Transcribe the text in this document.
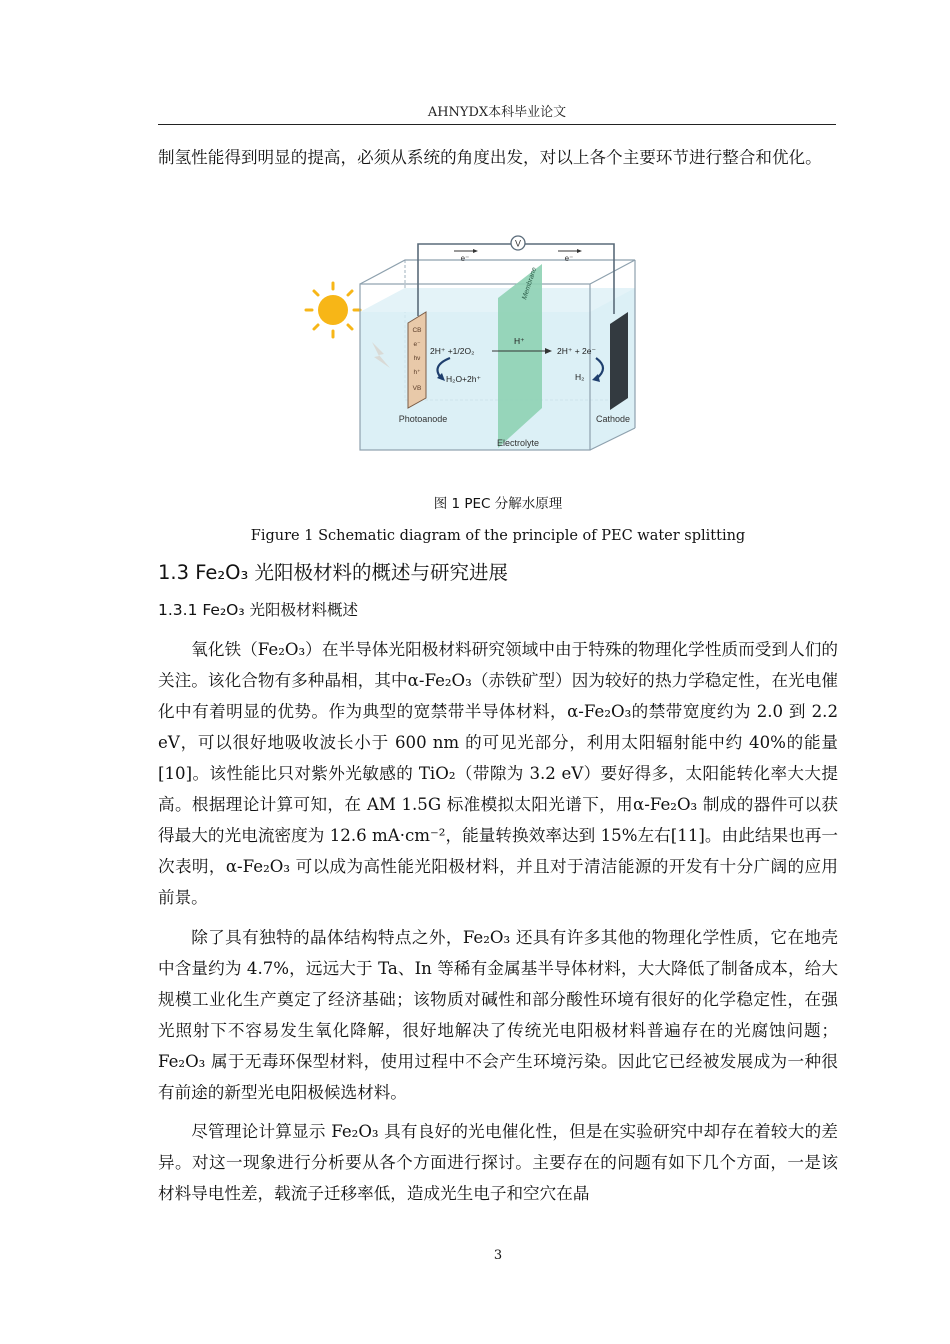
AHNYDX本科毕业论文

制氢性能得到明显的提高，必须从系统的角度出发，对以上各个主要环节进行整合和优化。

Membrane
V
e⁻	e⁻
CB
e⁻
hν
h⁺
VB
2H⁺ +1/2O₂
H₂O+2h⁺
H⁺
2H⁺ + 2e⁻
H₂
Photoanode	Cathode
Electrolyte
图 1 PEC 分解水原理
Figure 1 Schematic diagram of the principle of PEC water splitting
1.3 Fe₂O₃ 光阳极材料的概述与研究进展
1.3.1 Fe₂O₃ 光阳极材料概述

氧化铁（Fe₂O₃）在半导体光阳极材料研究领域中由于特殊的物理化学性质而受到人们的关注。该化合物有多种晶相，其中α-Fe₂O₃（赤铁矿型）因为较好的热力学稳定性，在光电催化中有着明显的优势。作为典型的宽禁带半导体材料，α-Fe₂O₃的禁带宽度约为 2.0 到 2.2 eV，可以很好地吸收波长小于 600 nm 的可见光部分，利用太阳辐射能中约 40%的能量[10]。该性能比只对紫外光敏感的 TiO₂（带隙为 3.2 eV）要好得多，太阳能转化率大大提高。根据理论计算可知，在 AM 1.5G 标准模拟太阳光谱下，用α-Fe₂O₃ 制成的器件可以获得最大的光电流密度为 12.6 mA·cm⁻²，能量转换效率达到 15%左右[11]。由此结果也再一次表明，α-Fe₂O₃ 可以成为高性能光阳极材料，并且对于清洁能源的开发有十分广阔的应用前景。

除了具有独特的晶体结构特点之外，Fe₂O₃ 还具有许多其他的物理化学性质，它在地壳中含量约为 4.7%，远远大于 Ta、In 等稀有金属基半导体材料，大大降低了制备成本，给大规模工业化生产奠定了经济基础；该物质对碱性和部分酸性环境有很好的化学稳定性，在强光照射下不容易发生氧化降解，很好地解决了传统光电阳极材料普遍存在的光腐蚀问题；Fe₂O₃ 属于无毒环保型材料，使用过程中不会产生环境污染。因此它已经被发展成为一种很有前途的新型光电阳极候选材料。

尽管理论计算显示 Fe₂O₃ 具有良好的光电催化性，但是在实验研究中却存在着较大的差异。对这一现象进行分析要从各个方面进行探讨。主要存在的问题有如下几个方面，一是该材料导电性差，载流子迁移率低，造成光生电子和空穴在晶

3
